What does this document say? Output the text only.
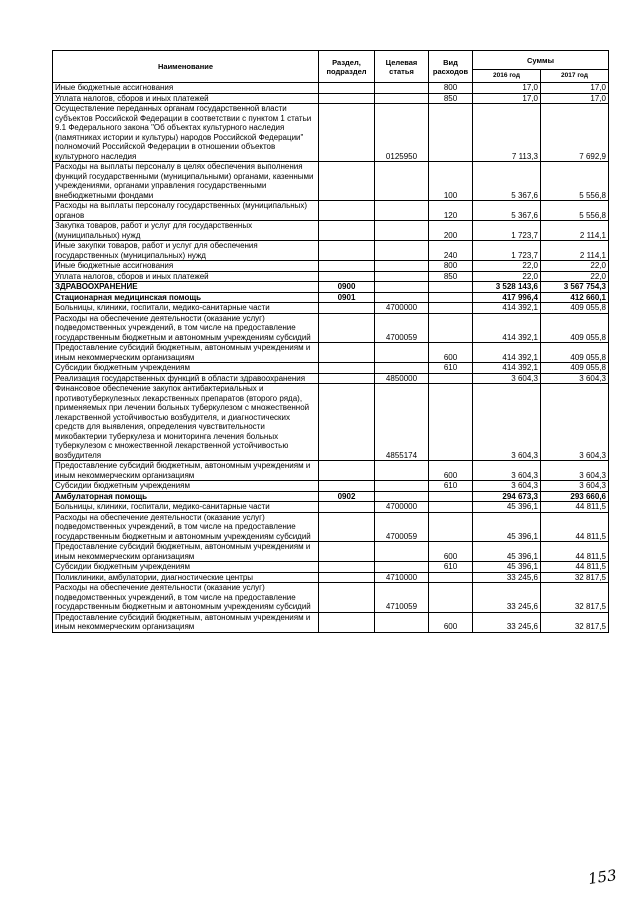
Наименование	Раздел, подраздел	Целевая статья	Вид расходов	Суммы	
				2016 год	2017 год
Иные бюджетные ассигнования			800	17,0	17,0
Уплата налогов, сборов и иных платежей			850	17,0	17,0
Осуществление переданных органам государственной власти субъектов Российской Федерации в соответствии с пунктом 1 статьи 9.1 Федерального закона "Об объектах культурного наследия (памятниках истории и культуры) народов Российской Федерации" полномочий Российской Федерации в отношении объектов культурного наследия		0125950		7 113,3	7 692,9
Расходы на выплаты персоналу в целях обеспечения выполнения функций государственными (муниципальными) органами, казенными учреждениями, органами управления государственными внебюджетными фондами			100	5 367,6	5 556,8
Расходы на выплаты персоналу государственных (муниципальных) органов			120	5 367,6	5 556,8
Закупка товаров, работ и услуг для государственных (муниципальных) нужд			200	1 723,7	2 114,1
Иные закупки товаров, работ и услуг для обеспечения государственных (муниципальных) нужд			240	1 723,7	2 114,1
Иные бюджетные ассигнования			800	22,0	22,0
Уплата налогов, сборов и иных платежей			850	22,0	22,0
ЗДРАВООХРАНЕНИЕ	0900			3 528 143,6	3 567 754,3
Стационарная медицинская помощь	0901			417 996,4	412 660,1
Больницы, клиники, госпитали, медико-санитарные части		4700000		414 392,1	409 055,8
Расходы на обеспечение деятельности (оказание услуг) подведомственных учреждений, в том числе на предоставление государственным бюджетным и автономным учреждениям субсидий		4700059		414 392,1	409 055,8
Предоставление субсидий бюджетным, автономным учреждениям и иным некоммерческим организациям			600	414 392,1	409 055,8
Субсидии бюджетным учреждениям			610	414 392,1	409 055,8
Реализация государственных функций в области здравоохранения		4850000		3 604,3	3 604,3
Финансовое обеспечение закупок антибактериальных и противотуберкулезных лекарственных препаратов (второго ряда), применяемых при лечении больных туберкулезом с множественной лекарственной устойчивостью возбудителя, и диагностических средств для выявления, определения чувствительности микобактерии туберкулеза и мониторинга лечения больных туберкулезом с множественной лекарственной устойчивостью возбудителя		4855174		3 604,3	3 604,3
Предоставление субсидий бюджетным, автономным учреждениям и иным некоммерческим организациям			600	3 604,3	3 604,3
Субсидии бюджетным учреждениям			610	3 604,3	3 604,3
Амбулаторная помощь	0902			294 673,3	293 660,6
Больницы, клиники, госпитали, медико-санитарные части		4700000		45 396,1	44 811,5
Расходы на обеспечение деятельности (оказание услуг) подведомственных учреждений, в том числе на предоставление государственным бюджетным и автономным учреждениям субсидий		4700059		45 396,1	44 811,5
Предоставление субсидий бюджетным, автономным учреждениям и иным некоммерческим организациям			600	45 396,1	44 811,5
Субсидии бюджетным учреждениям			610	45 396,1	44 811,5
Поликлиники, амбулатории, диагностические центры		4710000		33 245,6	32 817,5
Расходы на обеспечение деятельности (оказание услуг) подведомственных учреждений, в том числе на предоставление государственным бюджетным и автономным учреждениям субсидий		4710059		33 245,6	32 817,5
Предоставление субсидий бюджетным, автономным учреждениям и иным некоммерческим организациям			600	33 245,6	32 817,5
153
